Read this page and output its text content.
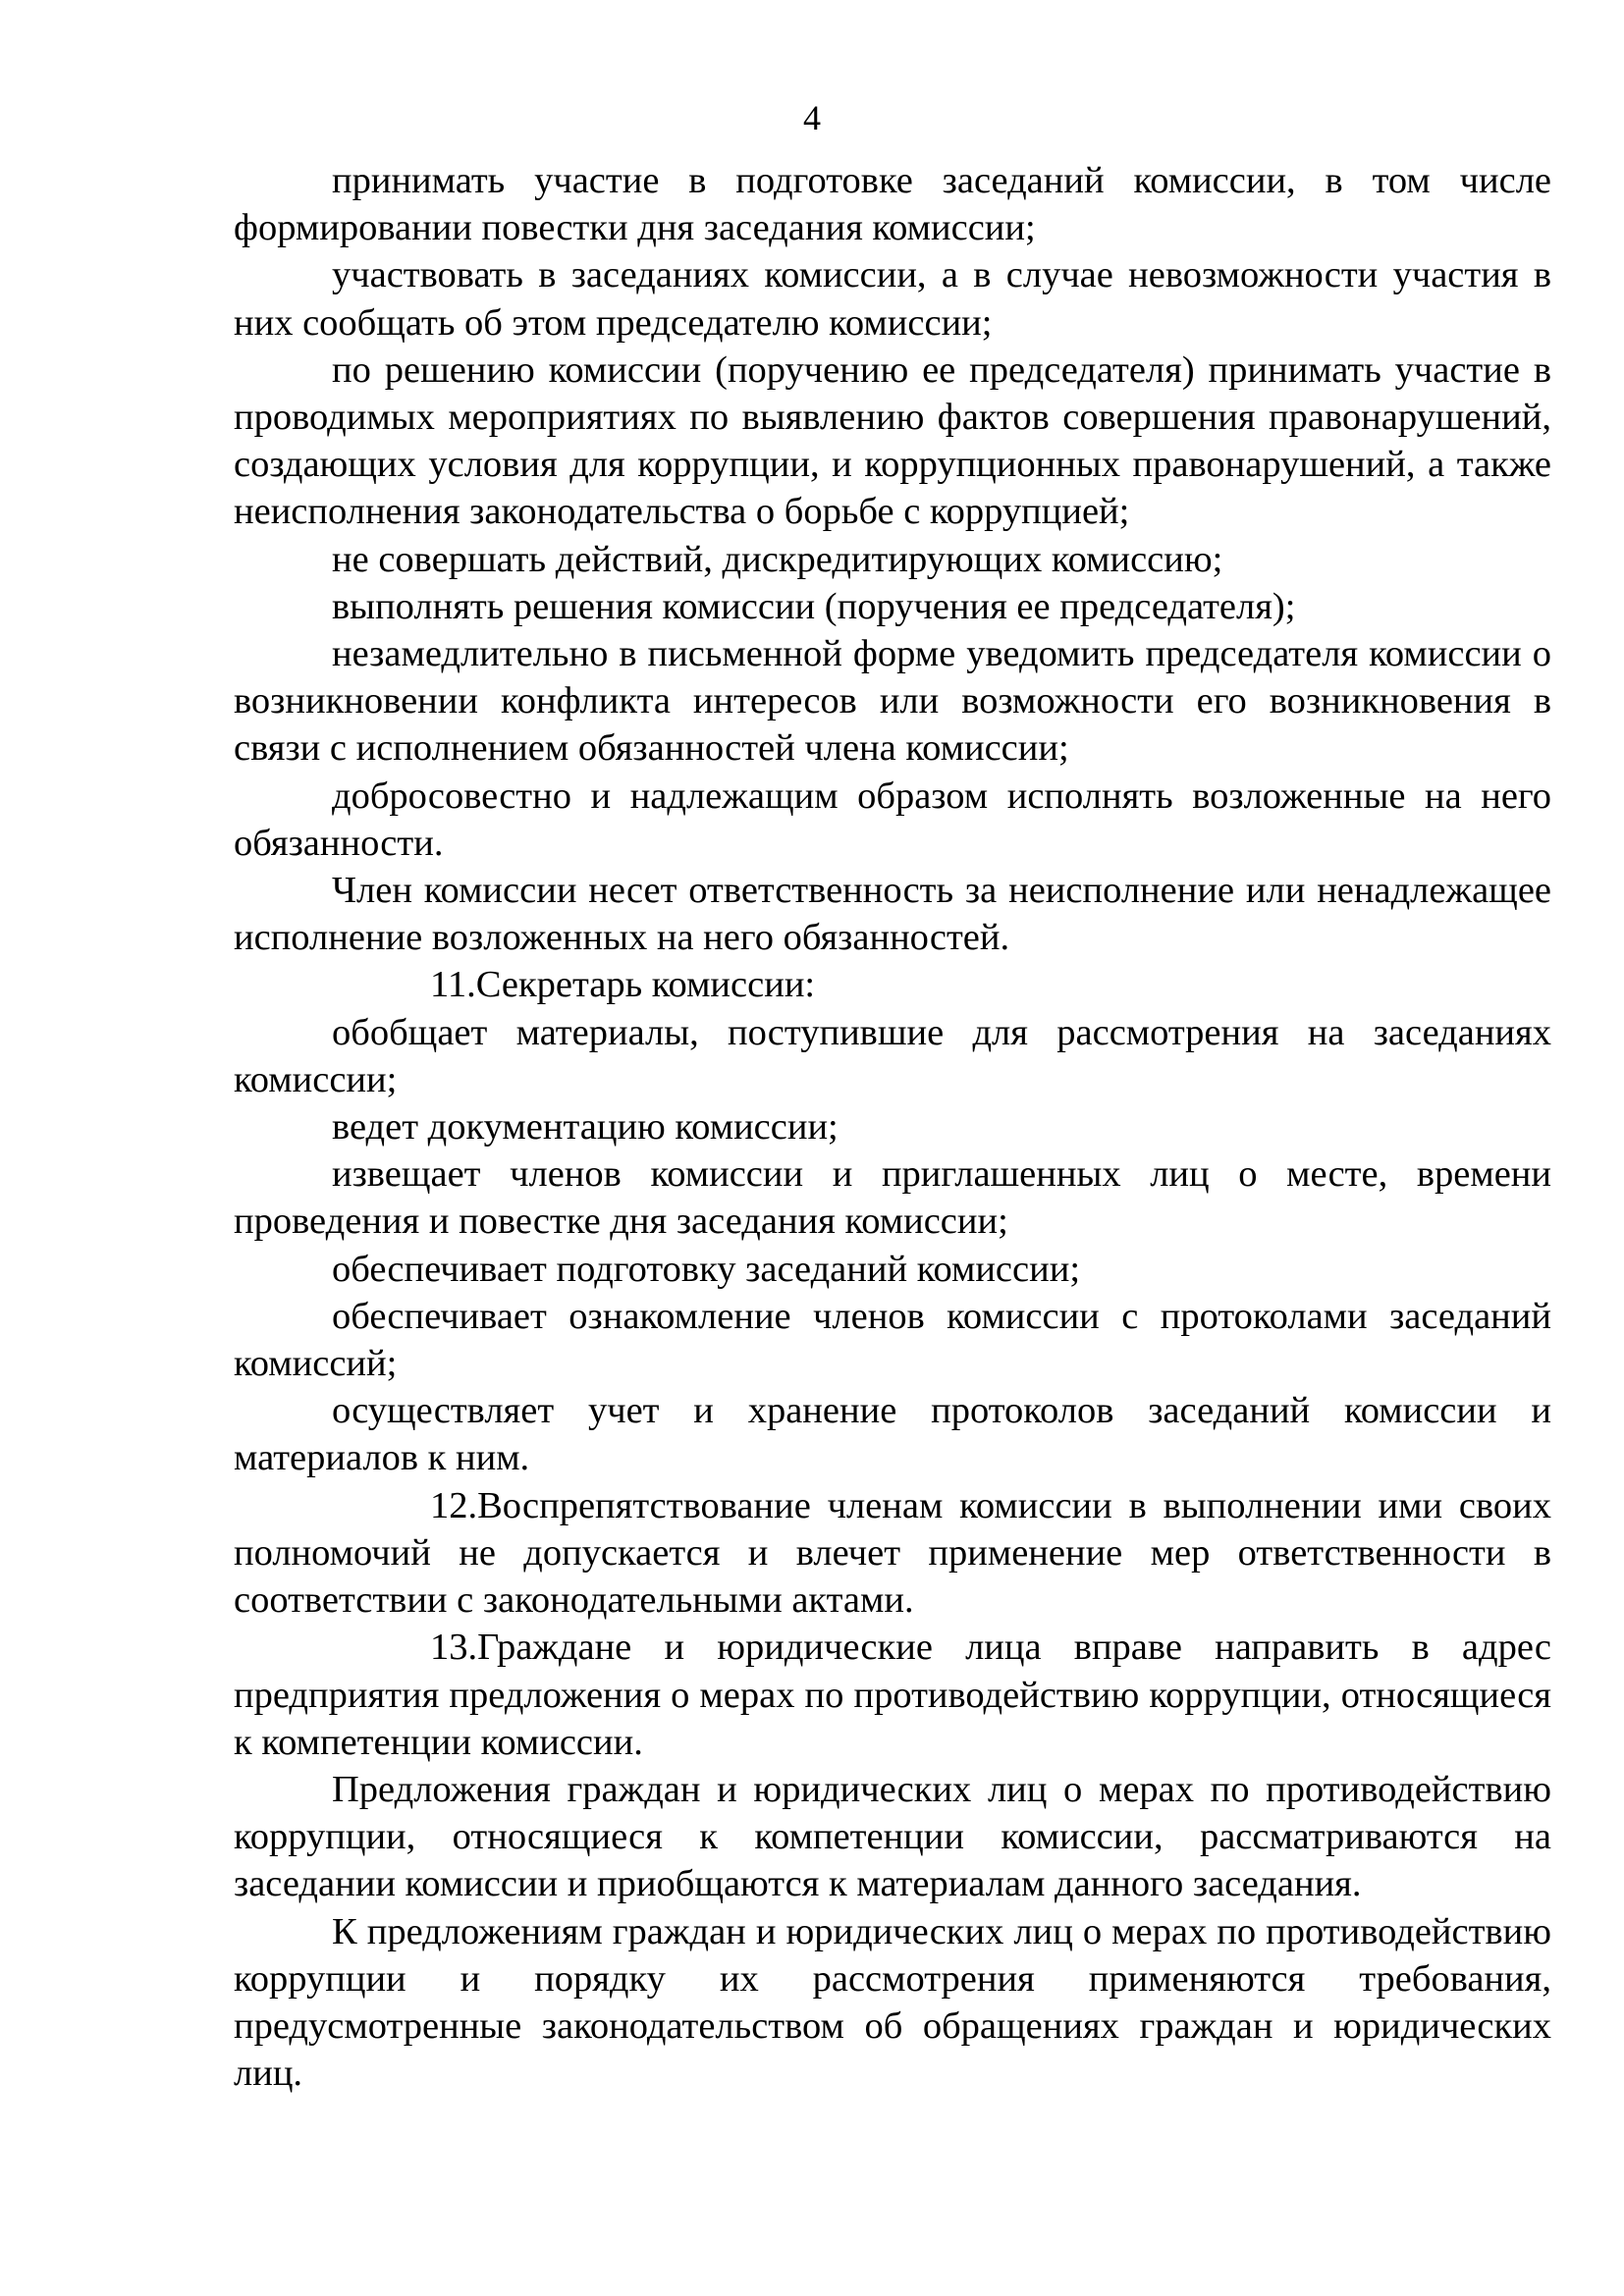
4

принимать участие в подготовке заседаний комиссии, в том числе формировании повестки дня заседания комиссии;

участвовать в заседаниях комиссии, а в случае невозможности участия в них сообщать об этом председателю комиссии;

по решению комиссии (поручению ее председателя) принимать участие в проводимых мероприятиях по выявлению фактов совершения правонарушений, создающих условия для коррупции, и коррупционных правонарушений, а также неисполнения законодательства о борьбе с коррупцией;

не совершать действий, дискредитирующих комиссию;

выполнять решения комиссии (поручения ее председателя);

незамедлительно в письменной форме уведомить председателя комиссии о возникновении конфликта интересов или возможности его возникновения в связи с исполнением обязанностей члена комиссии;

добросовестно и надлежащим образом исполнять возложенные на него обязанности.

Член комиссии несет ответственность за неисполнение или ненадлежащее исполнение возложенных на него обязанностей.

11.Секретарь комиссии:

обобщает материалы, поступившие для рассмотрения на заседаниях комиссии;

ведет документацию комиссии;

извещает членов комиссии и приглашенных лиц о месте, времени проведения и повестке дня заседания комиссии;

обеспечивает подготовку заседаний комиссии;

обеспечивает ознакомление членов комиссии с протоколами заседаний комиссий;

осуществляет учет и хранение протоколов заседаний комиссии и материалов к ним.

12.Воспрепятствование членам комиссии в выполнении ими своих полномочий не допускается и влечет применение мер ответственности в соответствии с законодательными актами.

13.Граждане и юридические лица вправе направить в адрес предприятия предложения о мерах по противодействию коррупции, относящиеся к компетенции комиссии.

Предложения граждан и юридических лиц о мерах по противодействию коррупции, относящиеся к компетенции комиссии, рассматриваются на заседании комиссии и приобщаются к материалам данного заседания.

К предложениям граждан и юридических лиц о мерах по противодействию коррупции и порядку их рассмотрения применяются требования, предусмотренные законодательством об обращениях граждан и юридических лиц.
